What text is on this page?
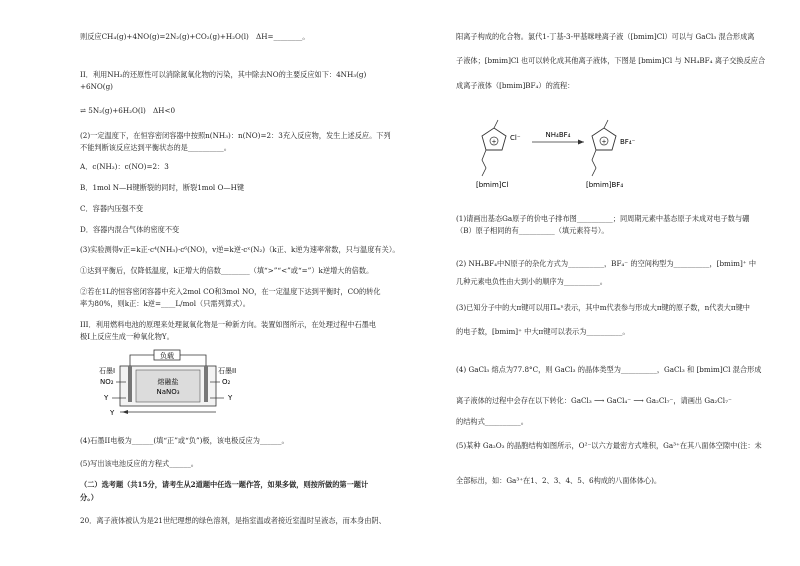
则反应CH₄(g)+4NO(g)=2N₂(g)+CO₂(g)+H₂O(l)　ΔH=________。
II．利用NH₃的还原性可以消除氮氧化物的污染，其中除去NO的主要反应如下：4NH₃(g)
+6NO(g)
⇌ 5N₂(g)+6H₂O(l)　ΔH<0
(2)一定温度下，在恒容密闭容器中按照n(NH₃)：n(NO)=2：3充入反应物，发生上述反应。下列
不能判断该反应达到平衡状态的是__________。
A．c(NH₃)：c(NO)=2：3
B．1mol N—H键断裂的同时，断裂1mol O—H键
C．容器内压强不变
D．容器内混合气体的密度不变
(3)实验测得v正=k正·c⁴(NH₃)·c⁶(NO)，v逆=k逆·cˣ(N₂)（k正、k逆为速率常数，只与温度有关）。
①达到平衡后，仅降低温度，k正增大的倍数________（填“>”“<”或“=”）k逆增大的倍数。
②若在1L的恒容密闭容器中充入2mol CO和3mol NO，在一定温度下达到平衡时，CO的转化
率为80%，则k正：k逆=____L/mol（只需列算式）。
III．利用燃料电池的原理来处理氮氧化物是一种新方向。装置如图所示，在处理过程中石墨电
极I上反应生成一种氧化物Y。
负载
熔融盐
NaNO₃
石墨I	石墨II
NO₂	O₂
Y	Y
Y
(4)石墨II电极为______(填“正”或“负”)极，该电极反应为______。
(5)写出该电池反应的方程式______。
（二）选考题（共15分，请考生从2道题中任选一题作答，如果多做，则按所做的第一题计
分。）
20．离子液体被认为是21世纪理想的绿色溶剂，是指室温或者接近室温时呈液态，而本身由阴、
阳离子构成的化合物。氯代1-丁基-3-甲基咪唑离子液（[bmim]Cl）可以与 GaCl₃ 混合形成离
子液体；[bmim]Cl 也可以转化成其他离子液体，下图是 [bmim]Cl 与 NH₄BF₄ 离子交换反应合
成离子液体（[bmim]BF₄）的流程：
+ Cl⁻	NH₄BF₄
+ BF₄⁻
[bmim]Cl	[bmim]BF₄
(1)请画出基态Ga原子的价电子排布图__________；同周期元素中基态原子未成对电子数与硼
（B）原子相同的有__________（填元素符号）。
(2) NH₄BF₄中N原子的杂化方式为__________，BF₄⁻ 的空间构型为__________，[bmim]⁺ 中
几种元素电负性由大到小的顺序为__________。
(3)已知分子中的大π键可以用Πₘⁿ表示，其中m代表参与形成大π键的原子数，n代表大π键中
的电子数，[bmim]⁺ 中大π键可以表示为__________。
(4) GaCl₃ 熔点为77.8°C，则 GaCl₃ 的晶体类型为__________，GaCl₃ 和 [bmim]Cl 混合形成
离子液体的过程中会存在以下转化：GaCl₃ ⟶ GaCl₄⁻ ⟶ Ga₂Cl₇⁻，请画出 Ga₂Cl₇⁻
的结构式__________。
(5)某种 Ga₂O₃ 的晶胞结构如图所示，O²⁻以六方最密方式堆积，Ga³⁺在其八面体空隙中(注：未
全部标出，如：Ga³⁺在1、2、3、4、5、6构成的八面体体心)。
